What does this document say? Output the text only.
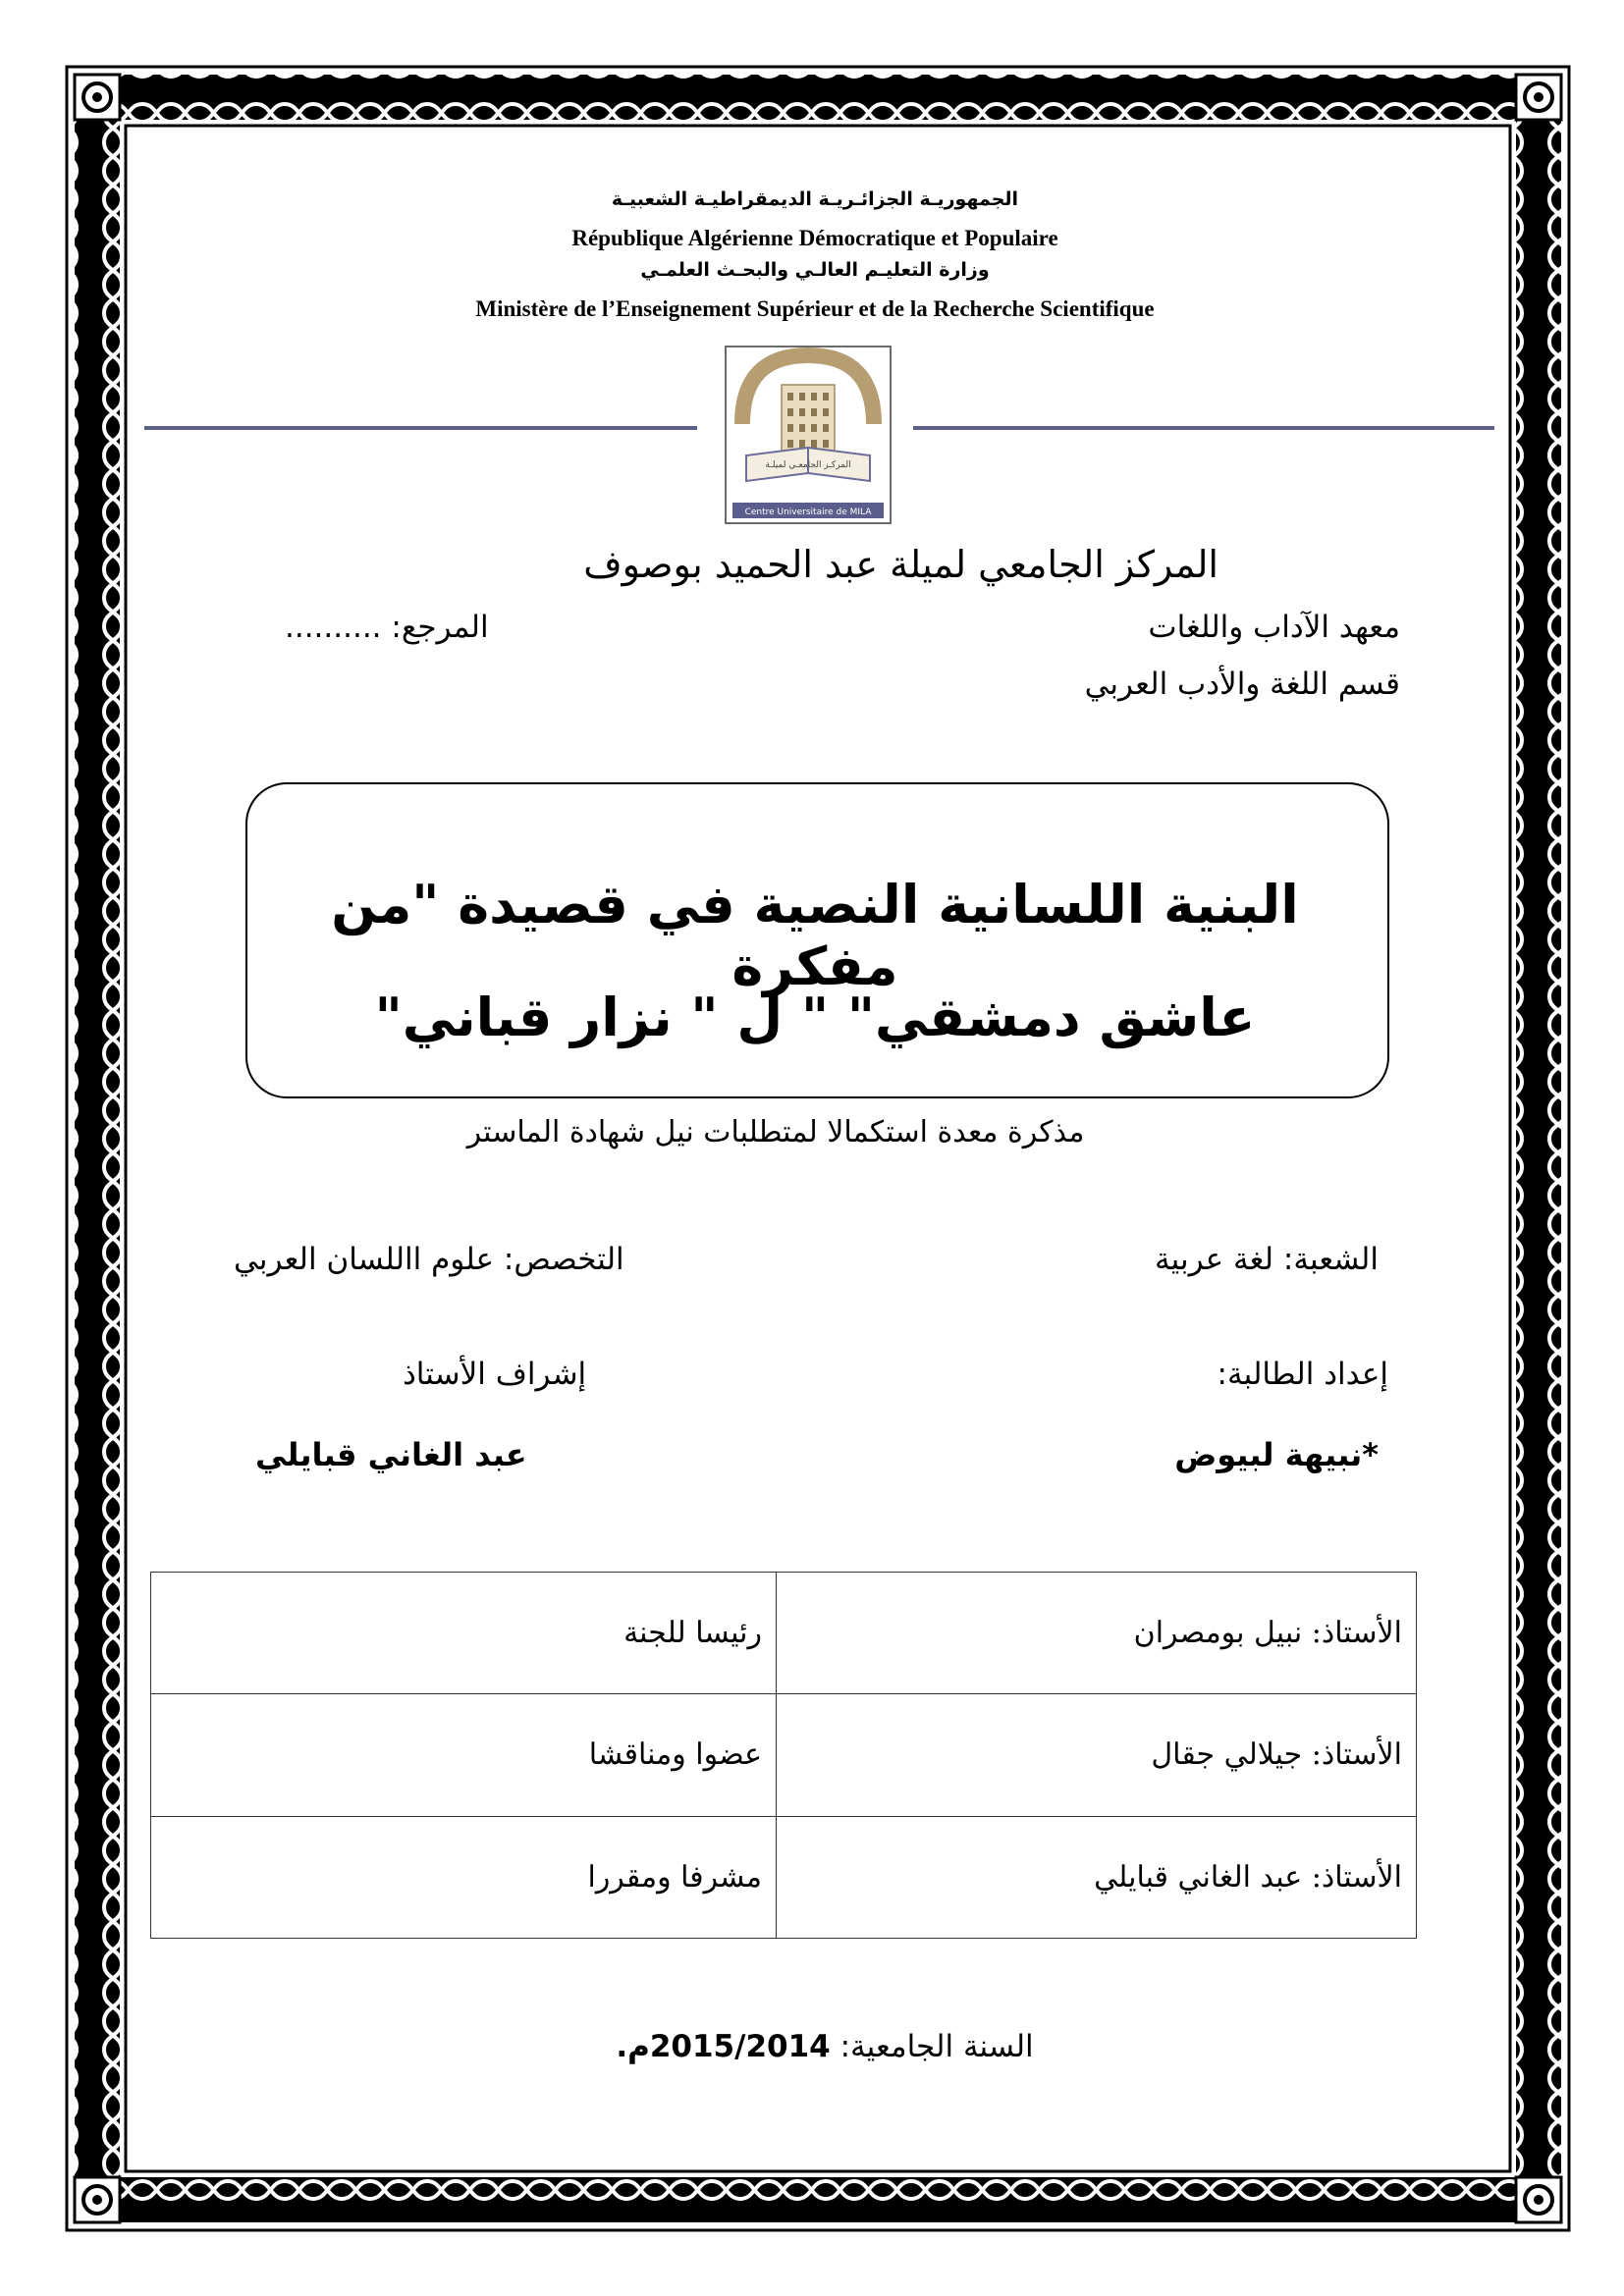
الجمهوريـة الجزائـريـة الديمقراطيـة الشعبيـة
République Algérienne Démocratique et Populaire
وزارة التعليـم العالـي والبحـث العلمـي
Ministère de l’Enseignement Supérieur et de la Recherche Scientifique
المركـز الجامعـي لميلـة
Centre Universitaire de MILA
المركز الجامعي لميلة عبد الحميد بوصوف
معهد الآداب واللغات
المرجع: ..........
قسم اللغة والأدب العربي
البنية اللسانية النصية في قصيدة "من مفكرة
عاشق دمشقي" " ل " نزار قباني"
مذكرة معدة استكمالا لمتطلبات نيل شهادة الماستر
الشعبة: لغة عربية
التخصص: علوم االلسان العربي
إعداد الطالبة:
إشراف الأستاذ
*نبيهة لبيوض
عبد الغاني قبايلي
الأستاذ: نبيل بومصران	رئيسا للجنة
الأستاذ: جيلالي جقال	عضوا ومناقشا
الأستاذ: عبد الغاني قبايلي	مشرفا ومقررا
السنة الجامعية: 2015/2014م.
